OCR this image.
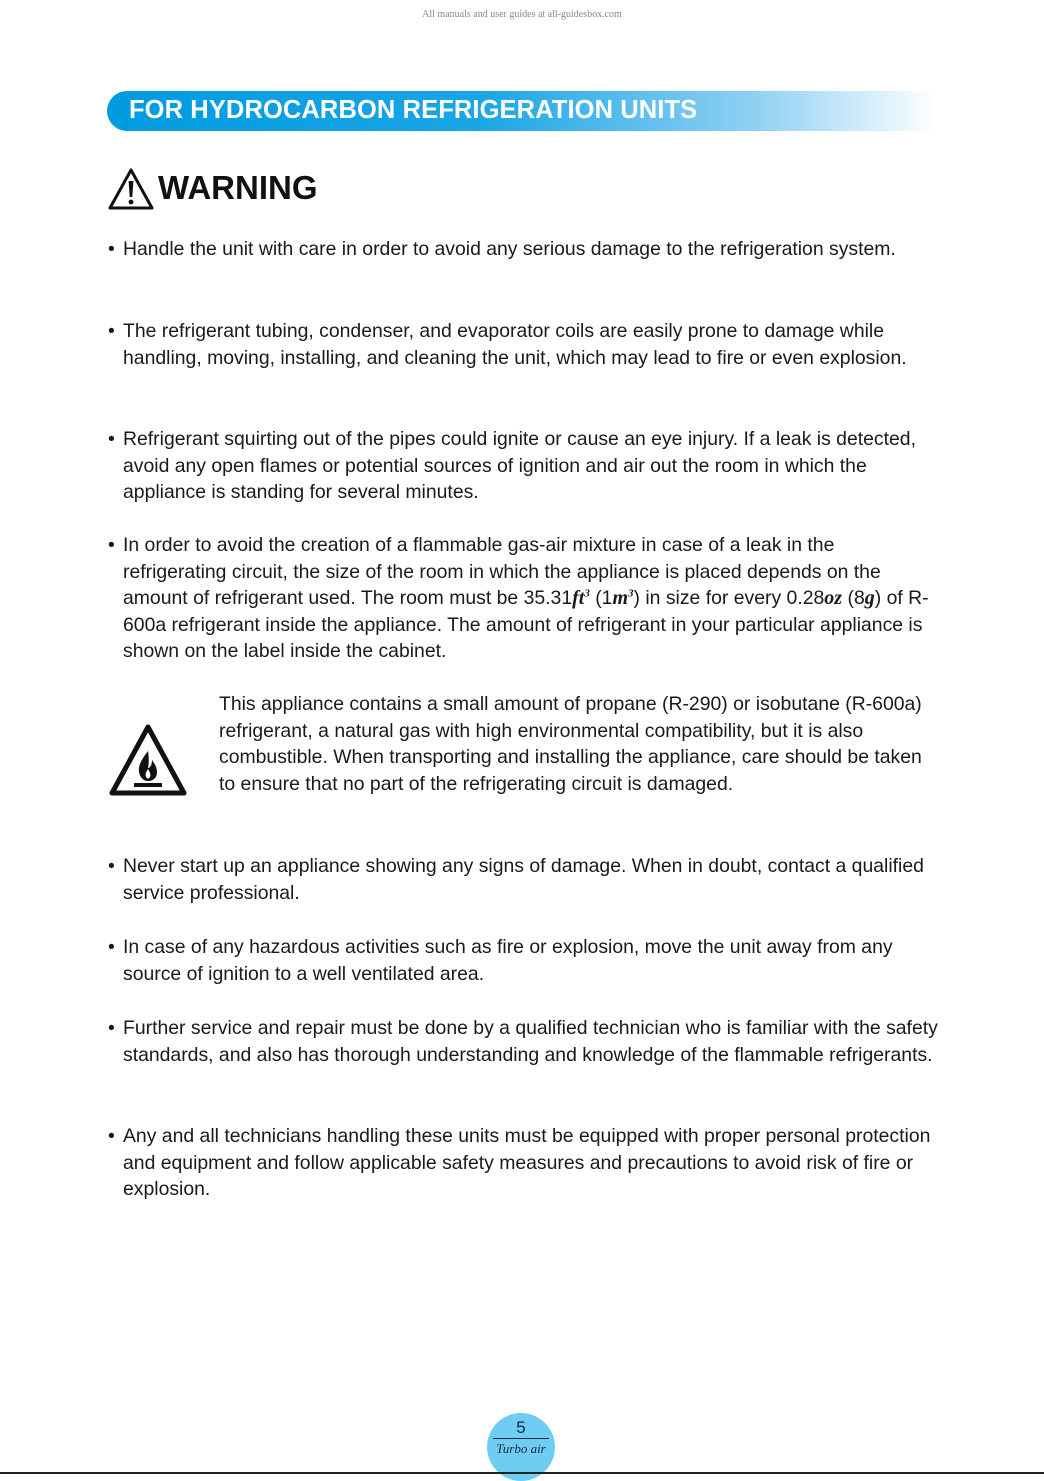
All manuals and user guides at all-guidesbox.com
FOR HYDROCARBON REFRIGERATION UNITS
WARNING
• Handle the unit with care in order to avoid any serious damage to the refrigeration system.
• The refrigerant tubing, condenser, and evaporator coils are easily prone to damage while handling, moving, installing, and cleaning the unit, which may lead to fire or even explosion.
• Refrigerant squirting out of the pipes could ignite or cause an eye injury. If a leak is detected, avoid any open flames or potential sources of ignition and air out the room in which the appliance is standing for several minutes.
• In order to avoid the creation of a flammable gas-air mixture in case of a leak in the refrigerating circuit, the size of the room in which the appliance is placed depends on the amount of refrigerant used. The room must be $35.31ft^3$ $(1m^3)$ in size for every 0.28oz (8g) of R-600a refrigerant inside the appliance. The amount of refrigerant in your particular appliance is shown on the label inside the cabinet.
This appliance contains a small amount of propane (R-290) or isobutane (R-600a) refrigerant, a natural gas with high environmental compatibility, but it is also combustible. When transporting and installing the appliance, care should be taken to ensure that no part of the refrigerating circuit is damaged.
• Never start up an appliance showing any signs of damage. When in doubt, contact a qualified service professional.
• In case of any hazardous activities such as fire or explosion, move the unit away from any source of ignition to a well ventilated area.
• Further service and repair must be done by a qualified technician who is familiar with the safety standards, and also has thorough understanding and knowledge of the flammable refrigerants.
• Any and all technicians handling these units must be equipped with proper personal protection and equipment and follow applicable safety measures and precautions to avoid risk of fire or explosion.
5
Turbo air
